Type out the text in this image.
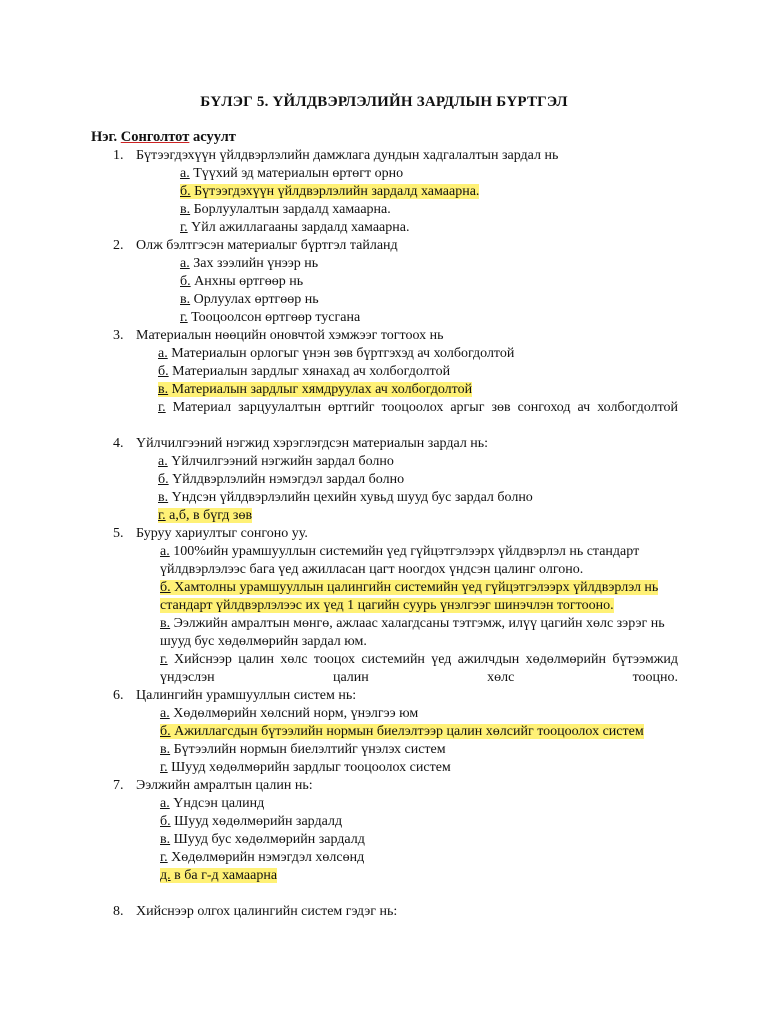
БҮЛЭГ 5. ҮЙЛДВЭРЛЭЛИЙН ЗАРДЛЫН БҮРТГЭЛ
Нэг. Сонголтот асуулт
1. Бүтээгдэхүүн үйлдвэрлэлийн дамжлага дундын хадгалалтын зардал нь
а. Түүхий эд материалын өртөгт орно
б. Бүтээгдэхүүн үйлдвэрлэлийн зардалд хамаарна.
в. Борлуулалтын зардалд хамаарна.
г. Үйл ажиллагааны зардалд хамаарна.
2. Олж бэлтгэсэн материалыг бүртгэл тайланд
а. Зах зээлийн үнээр нь
б. Анхны өртгөөр нь
в. Орлуулах өртгөөр нь
г. Тооцоолсон өртгөөр тусгана
3. Материалын нөөцийн оновчтой хэмжээг тогтоох нь
а. Материалын орлогыг үнэн зөв бүртгэхэд ач холбогдолтой
б. Материалын зардлыг хянахад ач холбогдолтой
в. Материалын зардлыг хямдруулах ач холбогдолтой
г. Материал зарцуулалтын өртгийг тооцоолох аргыг зөв сонгоход ач холбогдолтой
4. Үйлчилгээний нэгжид хэрэглэгдсэн материалын зардал нь:
а. Үйлчилгээний нэгжийн зардал болно
б. Үйлдвэрлэлийн нэмэгдэл зардал болно
в. Үндсэн үйлдвэрлэлийн цехийн хувьд шууд бус зардал болно
г. а,б, в бүгд зөв
5. Буруу хариултыг сонгоно уу.
а. 100%ийн урамшууллын системийн үед гүйцэтгэлээрх үйлдвэрлэл нь стандарт үйлдвэрлэлээс бага үед ажилласан цагт ноогдох үндсэн цалинг олгоно.
б. Хамтолны урамшууллын цалингийн системийн үед гүйцэтгэлээрх үйлдвэрлэл нь стандарт үйлдвэрлэлээс их үед 1 цагийн суурь үнэлгээг шинэчлэн тогтооно.
в. Ээлжийн амралтын мөнгө, ажлаас халагдсаны тэтгэмж, илүү цагийн хөлс зэрэг нь шууд бус хөдөлмөрийн зардал юм.
г. Хийснээр цалин хөлс тооцох системийн үед ажилчдын хөдөлмөрийн бүтээмжид үндэслэн цалин хөлс тооцно.
6. Цалингийн урамшууллын систем нь:
а. Хөдөлмөрийн хөлсний норм, үнэлгээ юм
б. Ажиллагсдын бүтээлийн нормын биелэлтээр цалин хөлсийг тооцоолох систем
в. Бүтээлийн нормын биелэлтийг үнэлэх систем
г. Шууд хөдөлмөрийн зардлыг тооцоолох систем
7. Ээлжийн амралтын цалин нь:
а. Үндсэн цалинд
б. Шууд хөдөлмөрийн зардалд
в. Шууд бус хөдөлмөрийн зардалд
г. Хөдөлмөрийн нэмэгдэл хөлсөнд
д. в ба г-д хамаарна
8. Хийснээр олгох цалингийн систем гэдэг нь:
